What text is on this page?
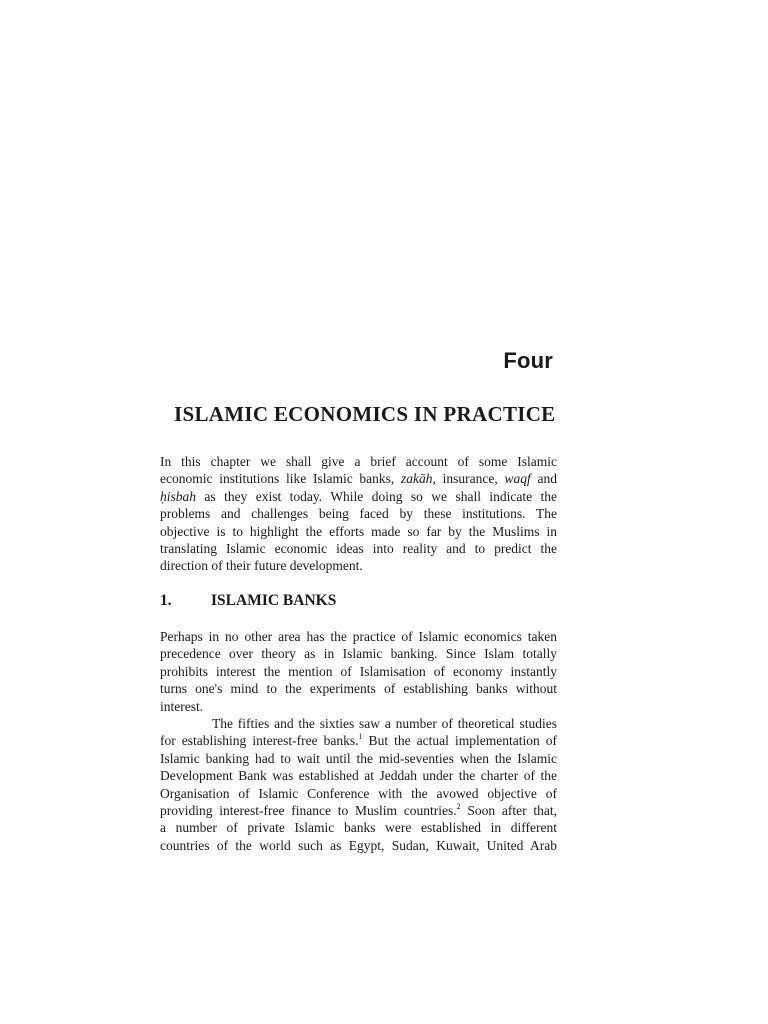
Four
ISLAMIC ECONOMICS IN PRACTICE
In this chapter we shall give a brief account of some Islamic
economic institutions like Islamic banks, zakāh, insurance, waqf and
ḥisbah as they exist today. While doing so we shall indicate the
problems and challenges being faced by these institutions. The
objective is to highlight the efforts made so far by the Muslims in
translating Islamic economic ideas into reality and to predict the
direction of their future development.
1.	ISLAMIC BANKS
Perhaps in no other area has the practice of Islamic economics taken
precedence over theory as in Islamic banking. Since Islam totally
prohibits interest the mention of Islamisation of economy instantly
turns one's mind to the experiments of establishing banks without
interest.
The fifties and the sixties saw a number of theoretical studies
for establishing interest-free banks.$^1$ But the actual implementation of
Islamic banking had to wait until the mid-seventies when the Islamic
Development Bank was established at Jeddah under the charter of the
Organisation of Islamic Conference with the avowed objective of
providing interest-free finance to Muslim countries.$^2$ Soon after that,
a number of private Islamic banks were established in different
countries of the world such as Egypt, Sudan, Kuwait, United Arab
